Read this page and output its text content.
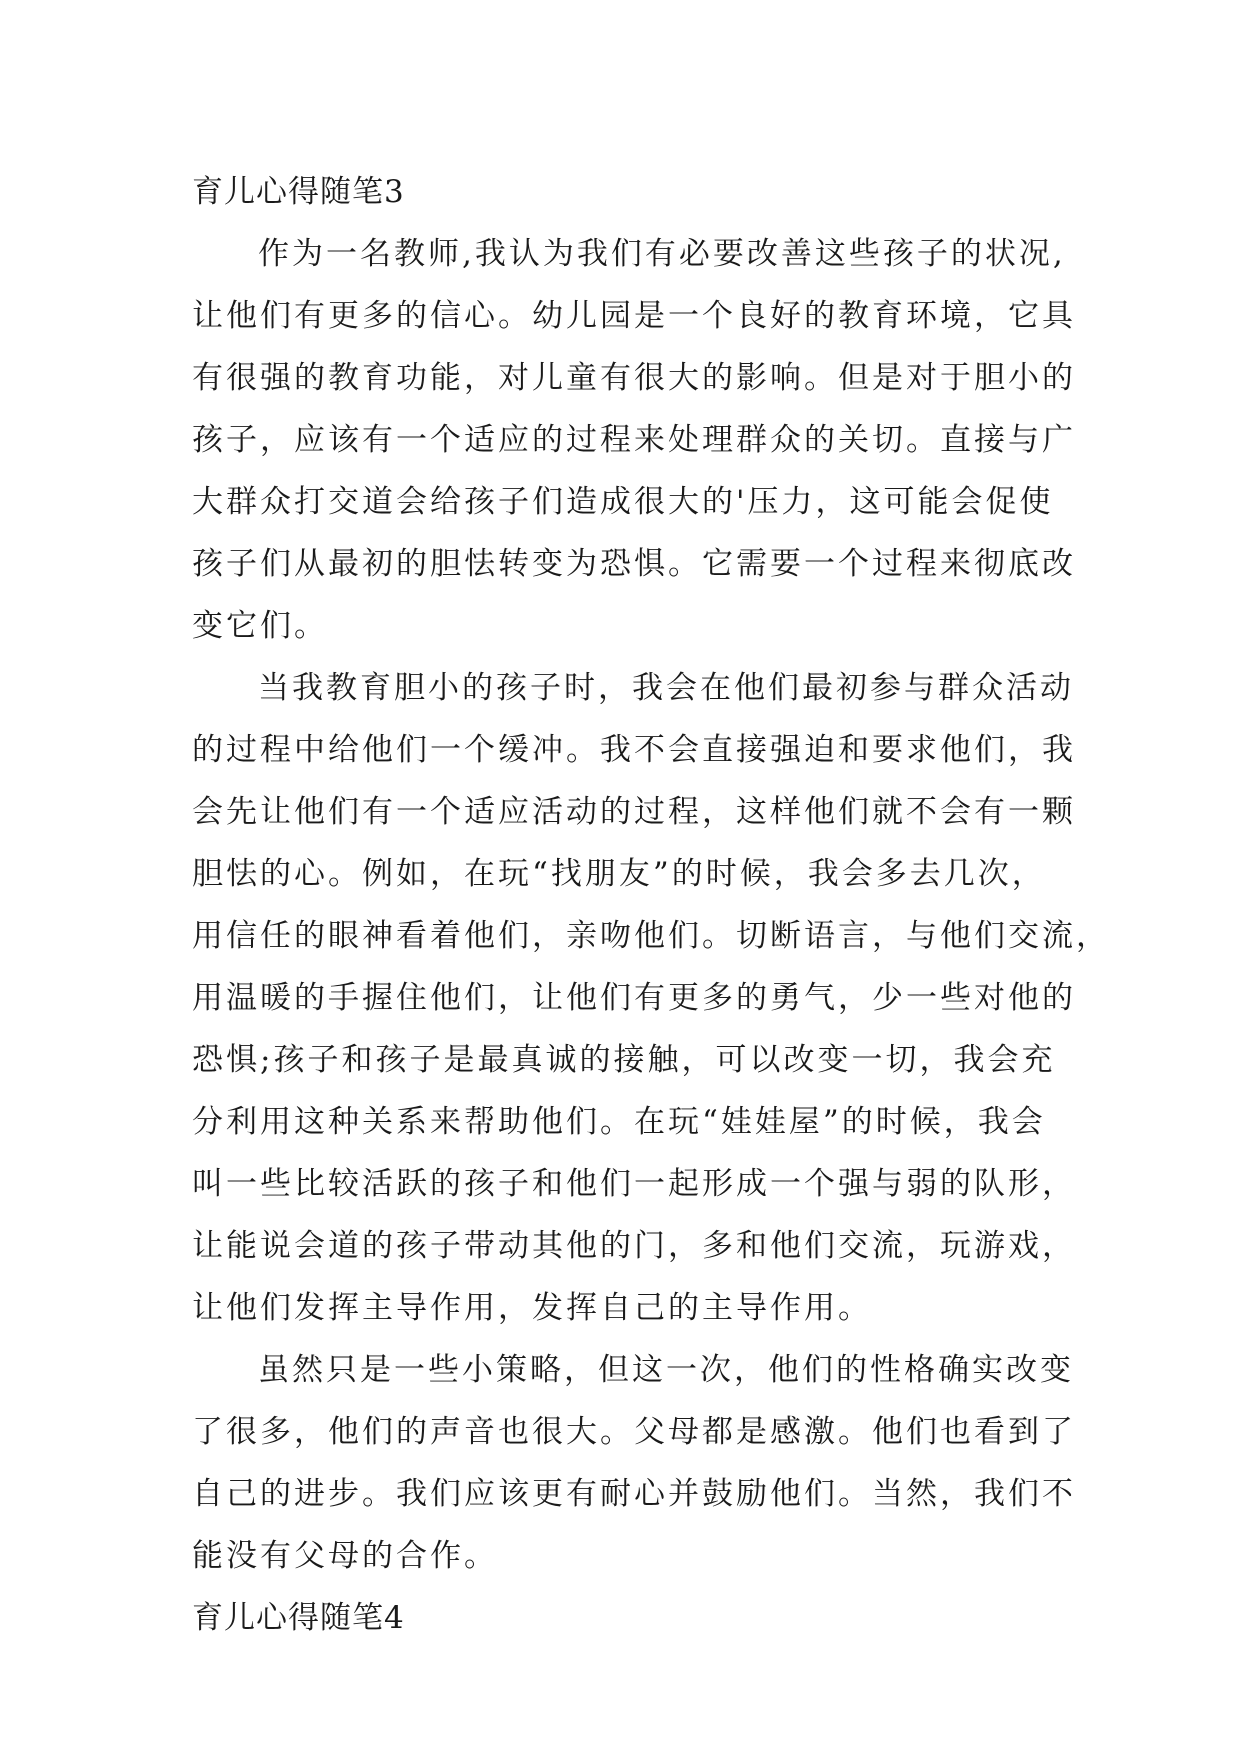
育儿心得随笔3
作为一名教师,我认为我们有必要改善这些孩子的状况,
让他们有更多的信心。幼儿园是一个良好的教育环境，它具
有很强的教育功能，对儿童有很大的影响。但是对于胆小的
孩子，应该有一个适应的过程来处理群众的关切。直接与广
大群众打交道会给孩子们造成很大的'压力，这可能会促使
孩子们从最初的胆怯转变为恐惧。它需要一个过程来彻底改
变它们。
当我教育胆小的孩子时，我会在他们最初参与群众活动
的过程中给他们一个缓冲。我不会直接强迫和要求他们，我
会先让他们有一个适应活动的过程，这样他们就不会有一颗
胆怯的心。例如，在玩“找朋友”的时候，我会多去几次，
用信任的眼神看着他们，亲吻他们。切断语言，与他们交流，
用温暖的手握住他们，让他们有更多的勇气，少一些对他的
恐惧;孩子和孩子是最真诚的接触，可以改变一切，我会充
分利用这种关系来帮助他们。在玩“娃娃屋”的时候，我会
叫一些比较活跃的孩子和他们一起形成一个强与弱的队形，
让能说会道的孩子带动其他的门，多和他们交流，玩游戏，
让他们发挥主导作用，发挥自己的主导作用。
虽然只是一些小策略，但这一次，他们的性格确实改变
了很多，他们的声音也很大。父母都是感激。他们也看到了
自己的进步。我们应该更有耐心并鼓励他们。当然，我们不
能没有父母的合作。
育儿心得随笔4
